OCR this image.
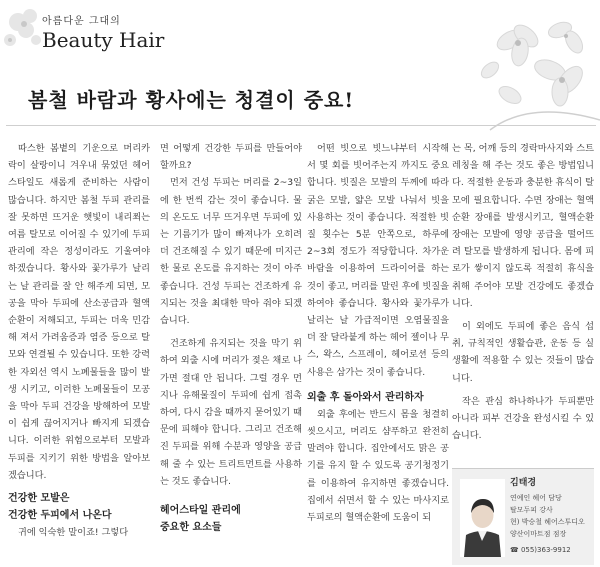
아름다운 그대의
Beauty Hair
봄철 바람과 황사에는 청결이 중요!

따스한 봄볕의 기운으로 머리카락이 살랑이니 겨우내 묶었던 헤어스타일도 새롭게 준비하는 사람이 많습니다. 하지만 봄철 두피 관리를 잘 못하면 뜨거운 햇빛이 내리쬐는 여름 탈모로 이어질 수 있기에 두피 관리에 작은 정성이라도 기울여야 하겠습니다. 황사와 꽃가루가 날리는 날 관리를 잘 안 해주게 되면, 모공을 막아 두피에 산소공급과 혈액 순환이 저해되고, 두피는 더욱 민감해 져서 가려움증과 염증 등으로 탈모와 연결될 수 있습니다. 또한 강력한 자외선 역시 노폐물들을 많이 발생 시키고, 이러한 노폐물들이 모공을 막아 두피 건강을 방해하여 모발이 쉽게 끊어지거나 빠지게 되겠습니다. 이러한 위험으로부터 모발과 두피를 지키기 위한 방법을 알아보겠습니다.

건강한 모발은
건강한 두피에서 나온다

귀에 익숙한 말이죠! 그렇다

면 어떻게 건강한 두피를 만들어야 할까요?

먼저 건성 두피는 머리를 2~3일에 한 번씩 감는 것이 좋습니다. 물의 온도도 너무 뜨거우면 두피에 있는 기름기가 많이 빠져나가 오히려 더 건조해질 수 있기 때문에 미지근한 물로 온도를 유지하는 것이 아주 좋습니다. 건성 두피는 건조하게 유지되는 것을 최대한 막아 줘야 되겠습니다.

건조하게 유지되는 것을 막기 위하여 외출 시에 머리가 젖은 채로 나가면 절대 안 됩니다. 그럴 경우 먼지나 유해물질이 두피에 쉽게 접촉하여, 다시 감을 때까지 묻어있기 때문에 피해야 합니다. 그리고 건조해진 두피를 위해 수분과 영양을 공급해 줄 수 있는 트리트먼트를 사용하는 것도 좋습니다.

헤어스타일 관리에
중요한 요소들

어떤 빗으로 빗느냐부터 시작해서 몇 회를 빗어주는지 까지도 중요합니다. 빗질은 모발의 두께에 따라 굵은 모발, 얇은 모발 나눠서 빗을 사용하는 것이 좋습니다. 적절한 빗질 횟수는 5분 안쪽으로, 하루에 2~3회 정도가 적당합니다. 차가운 바람을 이용하여 드라이어를 하는 것이 좋고, 머리를 말린 후에 빗질을 하여야 좋습니다. 황사와 꽃가루가 날리는 날 가급적이면 오염물질을 더 잘 달라붙게 하는 헤어 젤이나 무스, 왁스, 스프레이, 헤어로션 등의 사용은 삼가는 것이 좋습니다.

외출 후 돌아와서 관리하자

외출 후에는 반드시 몸을 청결히 씻으시고, 머리도 샴푸하고 완전히 말려야 합니다. 집안에서도 맑은 공기를 유지 할 수 있도록 공기청정기를 이용하여 유지하면 좋겠습니다. 집에서 쉬면서 할 수 있는 마사지로 두피로의 혈액순환에 도움이 되

는 목, 어깨 등의 경락마사지와 스트레칭을 해 주는 것도 좋은 방법입니다. 적절한 운동과 충분한 휴식이 탈모에 필요합니다. 수면 장애는 혈액순환 장애를 발생시키고, 혈액순환 장애는 모발에 영양 공급을 떨어뜨려 탈모를 발생하게 됩니다. 몸에 피로가 쌓이지 않도록 적절히 휴식을 취해 주어야 모발 건강에도 좋겠습니다.

이 외에도 두피에 좋은 음식 섭취, 규칙적인 생활습관, 운동 등 실생활에 적용할 수 있는 것들이 많습니다.

작은 관심 하나하나가 두피뿐만 아니라 피부 건강을 완성시킬 수 있습니다.

김태경
연예인 헤어 담당
탈모두피 강사
현) 박승철 헤어스투디오
양산이마트점 점장
☎ 055)363-9912
